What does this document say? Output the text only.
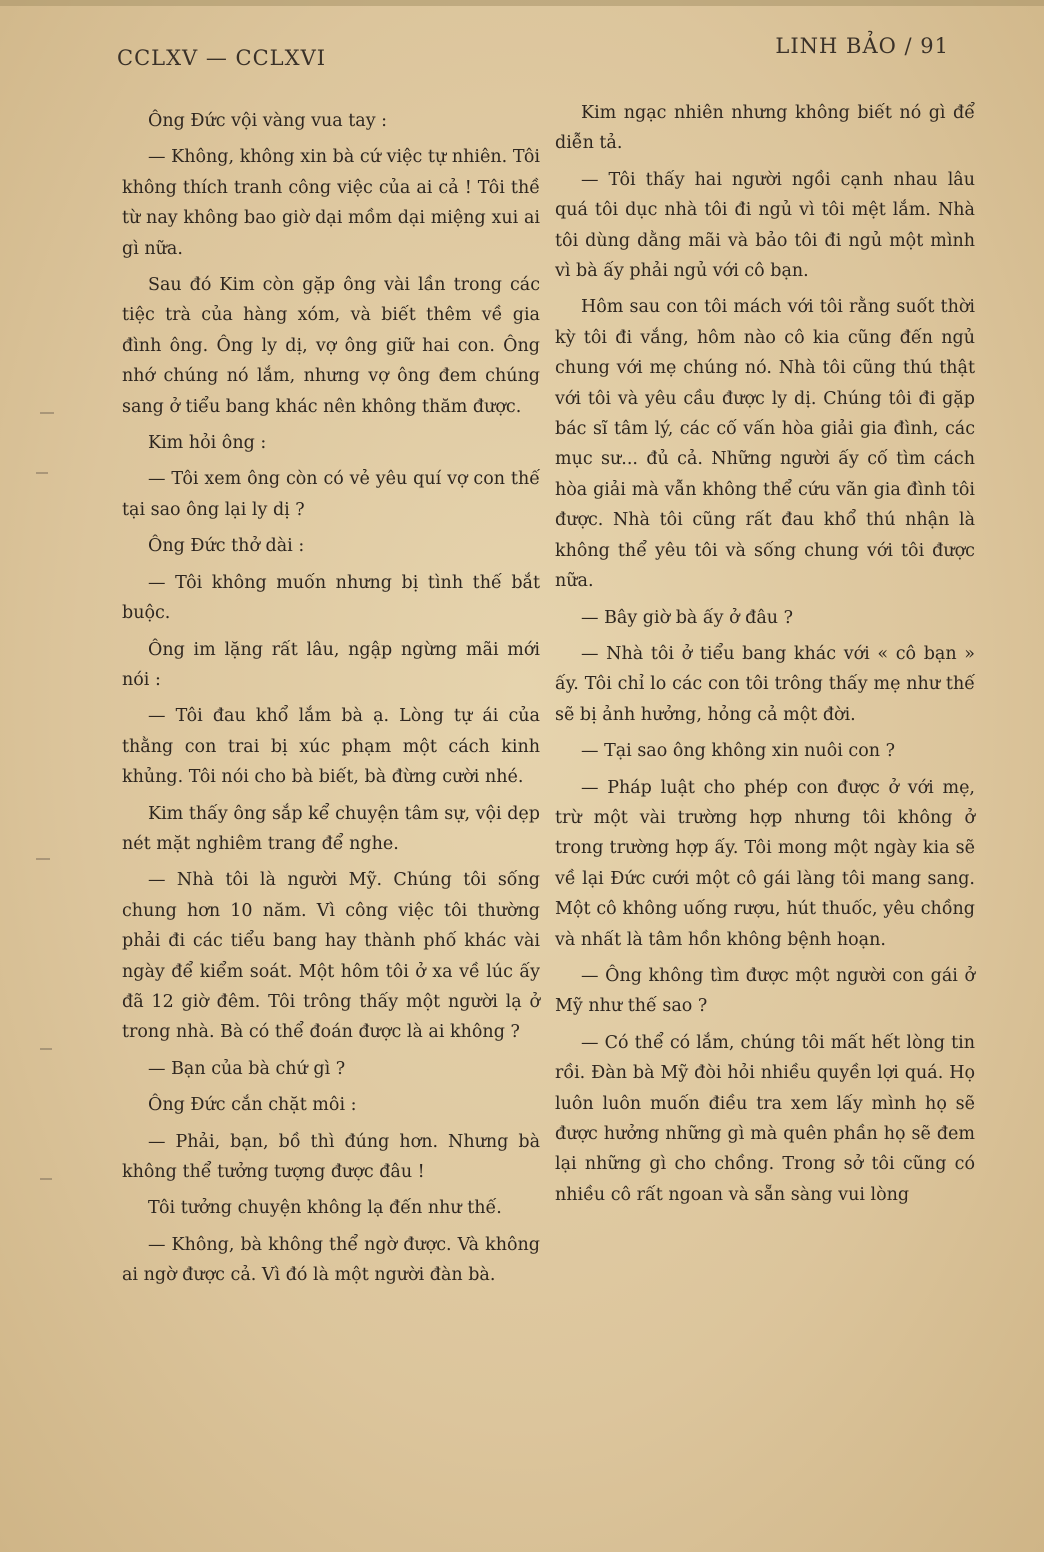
CCLXV — CCLXVI	LINH BẢO / 91

Ông Đức vội vàng vua tay :

— Không, không xin bà cứ việc tự nhiên. Tôi không thích tranh công việc của ai cả ! Tôi thề từ nay không bao giờ dại mồm dại miệng xui ai gì nữa.

Sau đó Kim còn gặp ông vài lần trong các tiệc trà của hàng xóm, và biết thêm về gia đình ông. Ông ly dị, vợ ông giữ hai con. Ông nhớ chúng nó lắm, nhưng vợ ông đem chúng sang ở tiểu bang khác nên không thăm được.

Kim hỏi ông :

— Tôi xem ông còn có vẻ yêu quí vợ con thế tại sao ông lại ly dị ?

Ông Đức thở dài :

— Tôi không muốn nhưng bị tình thế bắt buộc.

Ông im lặng rất lâu, ngập ngừng mãi mới nói :

— Tôi đau khổ lắm bà ạ. Lòng tự ái của thằng con trai bị xúc phạm một cách kinh khủng. Tôi nói cho bà biết, bà đừng cười nhé.

Kim thấy ông sắp kể chuyện tâm sự, vội dẹp nét mặt nghiêm trang để nghe.

— Nhà tôi là người Mỹ. Chúng tôi sống chung hơn 10 năm. Vì công việc tôi thường phải đi các tiểu bang hay thành phố khác vài ngày để kiểm soát. Một hôm tôi ở xa về lúc ấy đã 12 giờ đêm. Tôi trông thấy một người lạ ở trong nhà. Bà có thể đoán được là ai không ?

— Bạn của bà chứ gì ?

Ông Đức cắn chặt môi :

— Phải, bạn, bồ thì đúng hơn. Nhưng bà không thể tưởng tượng được đâu !

Tôi tưởng chuyện không lạ đến như thế.

— Không, bà không thể ngờ được. Và không ai ngờ được cả. Vì đó là một người đàn bà.

Kim ngạc nhiên nhưng không biết nó gì để diễn tả.

— Tôi thấy hai người ngồi cạnh nhau lâu quá tôi dục nhà tôi đi ngủ vì tôi mệt lắm. Nhà tôi dùng dằng mãi và bảo tôi đi ngủ một mình vì bà ấy phải ngủ với cô bạn.

Hôm sau con tôi mách với tôi rằng suốt thời kỳ tôi đi vắng, hôm nào cô kia cũng đến ngủ chung với mẹ chúng nó. Nhà tôi cũng thú thật với tôi và yêu cầu được ly dị. Chúng tôi đi gặp bác sĩ tâm lý, các cố vấn hòa giải gia đình, các mục sư... đủ cả. Những người ấy cố tìm cách hòa giải mà vẫn không thể cứu vãn gia đình tôi được. Nhà tôi cũng rất đau khổ thú nhận là không thể yêu tôi và sống chung với tôi được nữa.

— Bây giờ bà ấy ở đâu ?

— Nhà tôi ở tiểu bang khác với « cô bạn » ấy. Tôi chỉ lo các con tôi trông thấy mẹ như thế sẽ bị ảnh hưởng, hỏng cả một đời.

— Tại sao ông không xin nuôi con ?

— Pháp luật cho phép con được ở với mẹ, trừ một vài trường hợp nhưng tôi không ở trong trường hợp ấy. Tôi mong một ngày kia sẽ về lại Đức cưới một cô gái làng tôi mang sang. Một cô không uống rượu, hút thuốc, yêu chồng và nhất là tâm hồn không bệnh hoạn.

— Ông không tìm được một người con gái ở Mỹ như thế sao ?

— Có thể có lắm, chúng tôi mất hết lòng tin rồi. Đàn bà Mỹ đòi hỏi nhiều quyền lợi quá. Họ luôn luôn muốn điều tra xem lấy mình họ sẽ được hưởng những gì mà quên phần họ sẽ đem lại những gì cho chồng. Trong sở tôi cũng có nhiều cô rất ngoan và sẵn sàng vui lòng
